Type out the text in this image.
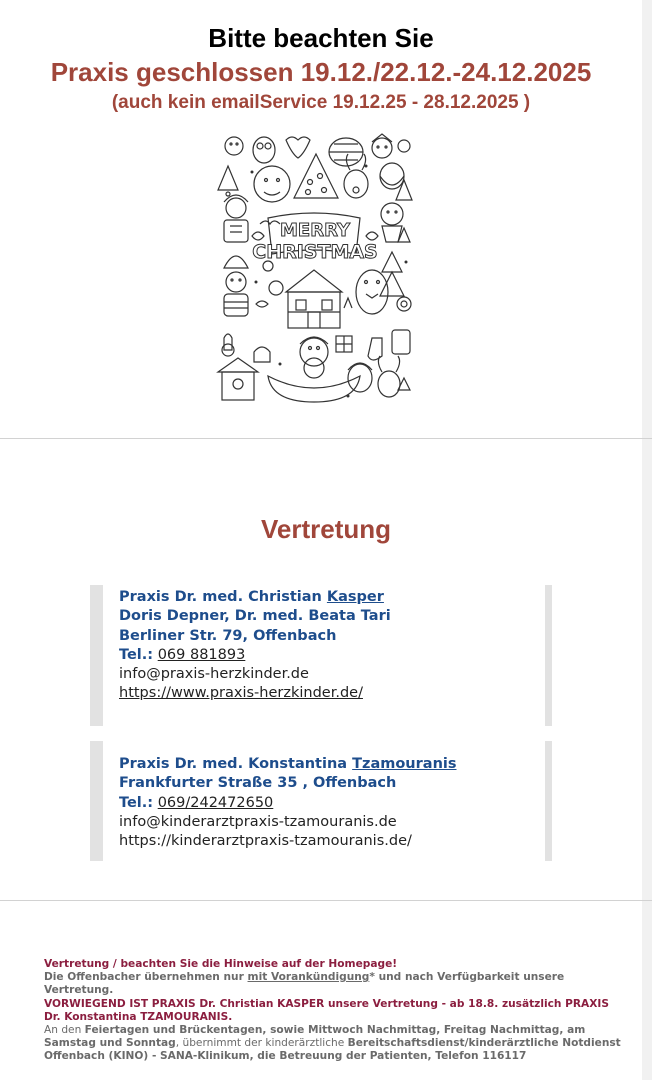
Bitte beachten Sie
Praxis geschlossen 19.12./22.12.-24.12.2025
(auch kein emailService 19.12.25 - 28.12.2025 )
MERRY
CHRISTMAS
Vertretung
Praxis Dr. med. Christian Kasper
Doris Depner, Dr. med. Beata Tari
Berliner Str. 79, Offenbach
Tel.: 069 881893
info@praxis-herzkinder.de
https://www.praxis-herzkinder.de/
Praxis Dr. med. Konstantina Tzamouranis
Frankfurter Straße 35 , Offenbach
Tel.: 069/242472650
info@kinderarztpraxis-tzamouranis.de
https://kinderarztpraxis-tzamouranis.de/
Vertretung / beachten Sie die Hinweise auf der Homepage!
Die Offenbacher übernehmen nur mit Vorankündigung* und nach Verfügbarkeit unsere Vertretung.
VORWIEGEND IST PRAXIS Dr. Christian KASPER unsere Vertretung - ab 18.8. zusätzlich PRAXIS Dr. Konstantina TZAMOURANIS.
An den Feiertagen und Brückentagen, sowie Mittwoch Nachmittag, Freitag Nachmittag, am Samstag und Sonntag, übernimmt der kinderärztliche Bereitschaftsdienst/kinderärztliche Notdienst Offenbach (KINO) - SANA-Klinikum, die Betreuung der Patienten, Telefon 116117
